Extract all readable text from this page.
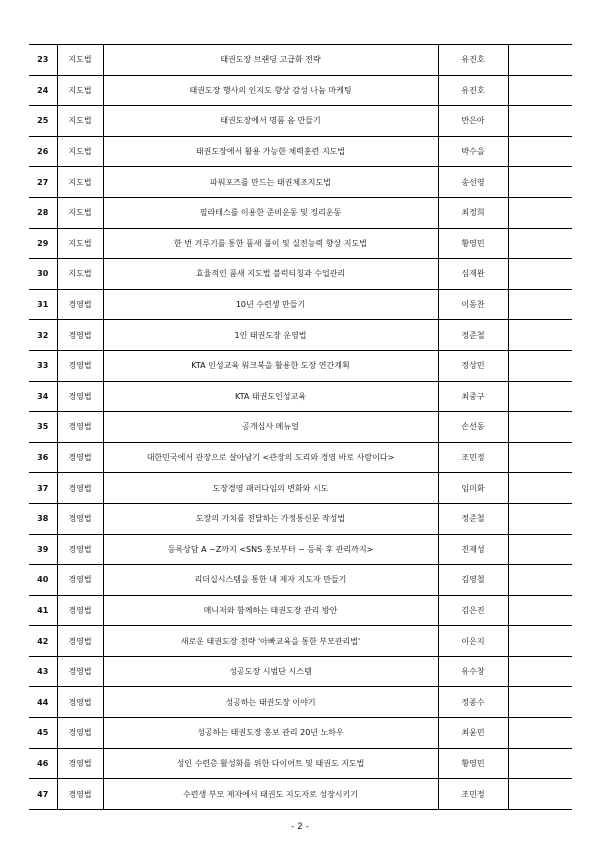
23	지도법	태권도장 브랜딩 고급화 전략	유진호	
24	지도법	태권도장 행사의 인지도 향상 감성 나눔 마케팅	유진호	
25	지도법	태권도장에서 명품 옴 만들기	반은아	
26	지도법	태권도장에서 활용 가능한 체력훈련 지도법	박수을	
27	지도법	파워포즈를 만드는 태권체조지도법	송선영	
28	지도법	필라테스를 이용한 준비운동 및 정리운동	최정희	
29	지도법	한 번 겨루기를 통한 품새 풀이 및 실전능력 향상 지도법	황영민	
30	지도법	효율적인 품새 지도법 블럭티칭과 수업관리	심재완	
31	경영법	10년 수련생 만들기	이동찬	
32	경영법	1인 태권도장 운영법	정준철	
33	경영법	KTA 인성교육 워크북을 활용한 도장 연간계획	정상민	
34	경영법	KTA 태권도인성교육	최중구	
35	경영법	공개심사 메뉴얼	손선동	
36	경영법	대한민국에서 관장으로 살아남기 <관장의 도리와 경영 바로 사람이다>	조민정	
37	경영법	도장경영 패러다임의 변화와 시도	임미화	
38	경영법	도장의 가치를 전달하는 가정통신문 작성법	정준철	
39	경영법	등록상담 A ~Z까지 <SNS 홍보부터 ~ 등록 후 관리까지>	진재성	
40	경영법	리더십시스템을 통한 내 제자 지도자 만들기	김영철	
41	경영법	매니저와 함께하는 태권도장 관리 방안	김은진	
42	경영법	새로운 태권도장 전략 '아빠교육을 통한 부모관리법'	이은지	
43	경영법	성공도장 시범단 시스템	유수창	
44	경영법	성공하는 태권도장 이야기	정종수	
45	경영법	성공하는 태권도장 홍보 관리 20년 노하우	최윤민	
46	경영법	성인 수련층 활성화를 위한 다이어트 및 태권도 지도법	황영민	
47	경영법	수련생 부모 제자에서 태권도 지도자로 성장시키기	조민정	
- 2 -
